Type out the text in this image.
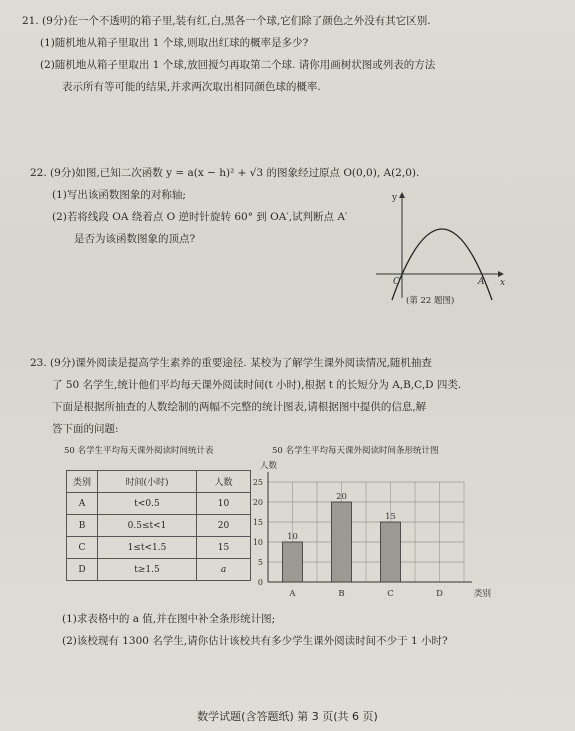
21. (9分)在一个不透明的箱子里,装有红,白,黑各一个球,它们除了颜色之外没有其它区别.
(1)随机地从箱子里取出 1 个球,则取出红球的概率是多少?
(2)随机地从箱子里取出 1 个球,放回搅匀再取第二个球. 请你用画树状图或列表的方法
表示所有等可能的结果,并求两次取出相同颜色球的概率.
22. (9分)如图,已知二次函数 y = a(x − h)² + √3 的图象经过原点 O(0,0), A(2,0).
(1)写出该函数图象的对称轴;
(2)若将线段 OA 绕着点 O 逆时针旋转 60° 到 OA′,试判断点 A′
是否为该函数图象的顶点?
y
O	A x
(第 22 题图)
23. (9分)课外阅读是提高学生素养的重要途径. 某校为了解学生课外阅读情况,随机抽查
了 50 名学生,统计他们平均每天课外阅读时间(t 小时),根据 t 的长短分为 A,B,C,D 四类.
下面是根据所抽查的人数绘制的两幅不完整的统计图表,请根据图中提供的信息,解
答下面的问题:
50 名学生平均每天课外阅读时间统计表
类别	时间(小时)	人数
A	t<0.5	10
B	0.5≤t<1	20
C	1≤t<1.5	15
D	t≥1.5	a
50 名学生平均每天课外阅读时间条形统计图
0
5
10
15
20
25
人数
类别
10
A
20
B
15
C	D
(1)求表格中的 a 值,并在图中补全条形统计图;
(2)该校现有 1300 名学生,请你估计该校共有多少学生课外阅读时间不少于 1 小时?
数学试题(含答题纸) 第 3 页(共 6 页)
